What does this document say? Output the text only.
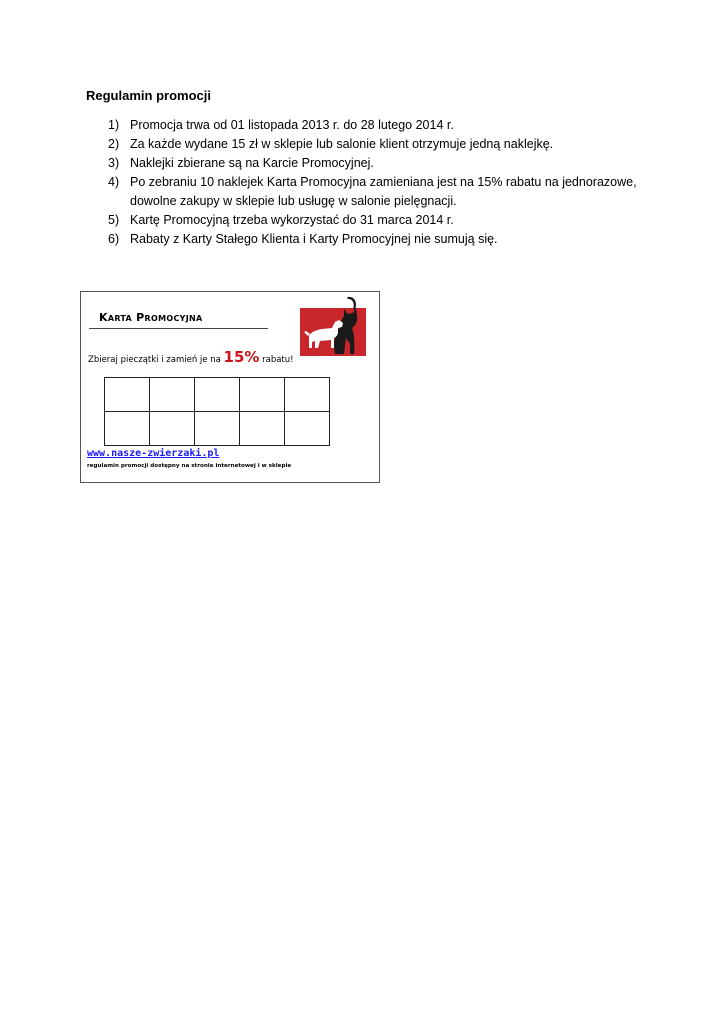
Regulamin promocji

1) Promocja trwa od 01 listopada 2013 r. do 28 lutego 2014 r.
2) Za każde wydane 15 zł w sklepie lub salonie klient otrzymuje jedną naklejkę.
3) Naklejki zbierane są na Karcie Promocyjnej.
4) Po zebraniu 10 naklejek Karta Promocyjna zamieniana jest na 15% rabatu na jednorazowe, dowolne zakupy w sklepie lub usługę w salonie pielęgnacji.
5) Kartę Promocyjną trzeba wykorzystać do 31 marca 2014 r.
6) Rabaty z Karty Stałego Klienta i Karty Promocyjnej nie sumują się.
Karta Promocyjna
Zbieraj pieczątki i zamień je na 15% rabatu!

www.nasze-zwierzaki.pl
regulamin promocji dostępny na stronie internetowej i w sklepie
